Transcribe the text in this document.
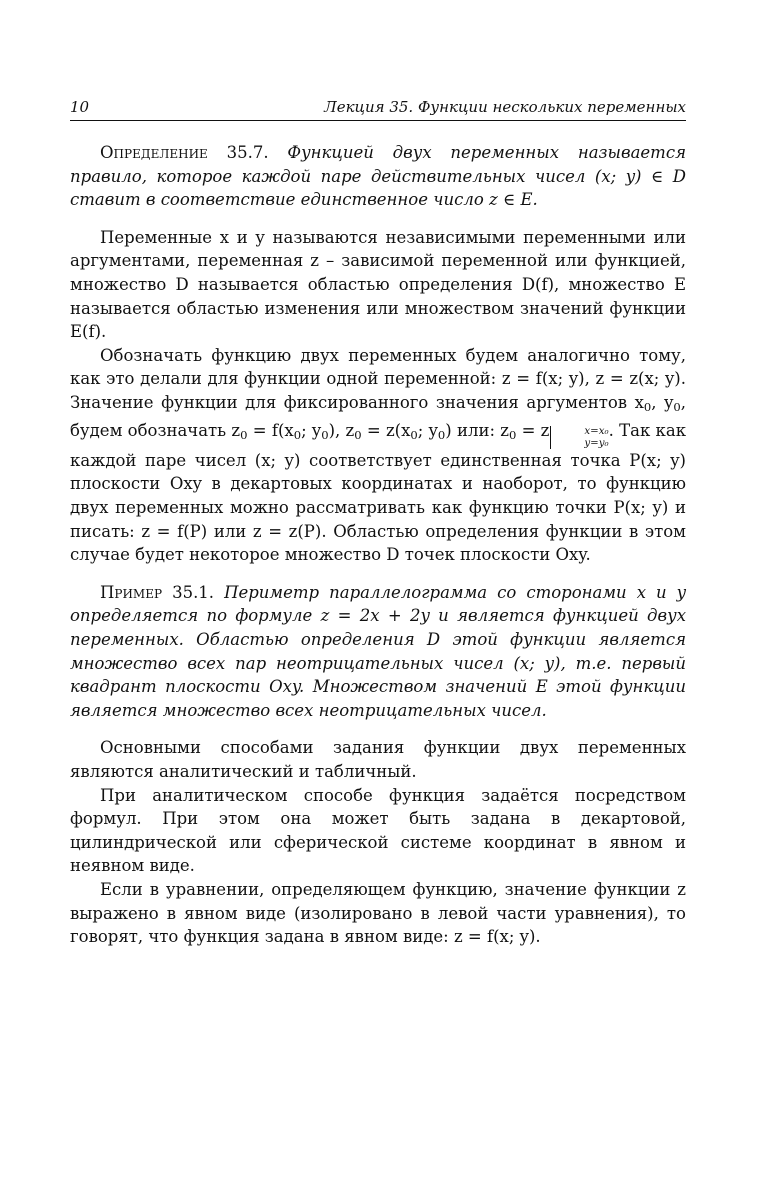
10	Лекция 35. Функции нескольких переменных

Определение 35.7. Функцией двух переменных называется правило, которое каждой паре действительных чисел (x; y) ∈ D ставит в соответствие единственное число z ∈ E.

Переменные x и y называются независимыми переменными или аргументами, переменная z – зависимой переменной или функцией, множество D называется областью определения D(f), множество E называется областью изменения или множеством значений функции E(f).

Обозначать функцию двух переменных будем аналогично тому, как это делали для функции одной переменной: z = f(x; y), z = z(x; y). Значение функции для фиксированного значения аргументов $x_0$, $y_0$, будем обозначать $z_0 = f(x_0$; $y_0$), $z_0 = z(x_0$; $y_0$) или: $z_0 = z$	x=x₀
y=y₀
. Так как каждой паре чисел (x; y) соответствует единственная точка P(x; y) плоскости Oxy в декартовых координатах и наоборот, то функцию двух переменных можно рассматривать как функцию точки P(x; y) и писать: z = f(P) или z = z(P). Областью определения функции в этом случае будет некоторое множество D точек плоскости Oxy.

Пример 35.1. Периметр параллелограмма со сторонами x и y определяется по формуле z = 2x + 2y и является функцией двух переменных. Областью определения D этой функции является множество всех пар неотрицательных чисел (x; y), т.е. первый квадрант плоскости Oxy. Множеством значений E этой функции является множество всех неотрицательных чисел.

Основными способами задания функции двух переменных являются аналитический и табличный.

При аналитическом способе функция задаётся посредством формул. При этом она может быть задана в декартовой, цилиндрической или сферической системе координат в явном и неявном виде.

Если в уравнении, определяющем функцию, значение функции z выражено в явном виде (изолировано в левой части уравнения), то говорят, что функция задана в явном виде: z = f(x; y).
